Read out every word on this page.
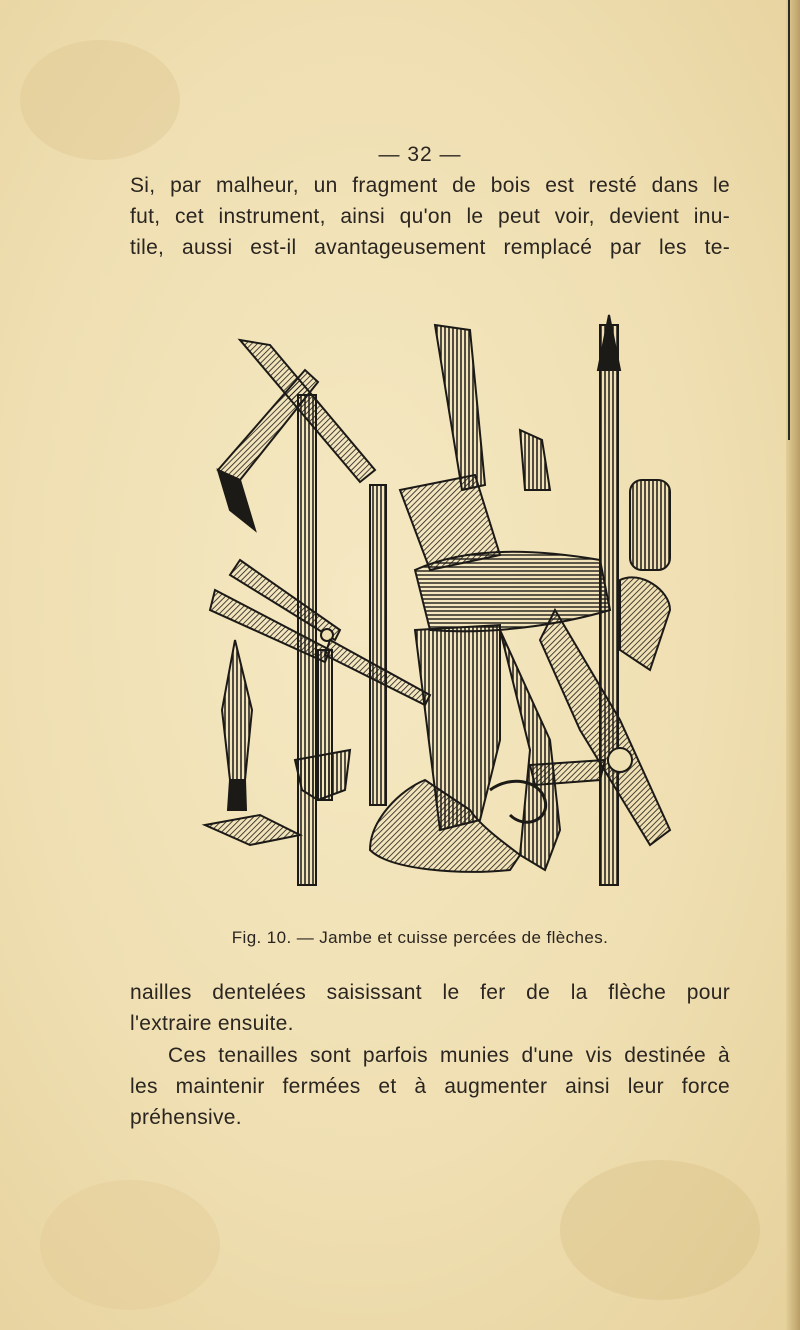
— 32 —

Si, par malheur, un fragment de bois est resté dans le
fut, cet instrument, ainsi qu'on le peut voir, devient inu-
tile, aussi est-il avantageusement remplacé par les te-

Fig. 10. — Jambe et cuisse percées de flèches.

nailles dentelées saisissant le fer de la flèche pour
l'extraire ensuite.

Ces tenailles sont parfois munies d'une vis destinée à
les maintenir fermées et à augmenter ainsi leur force
préhensive.
